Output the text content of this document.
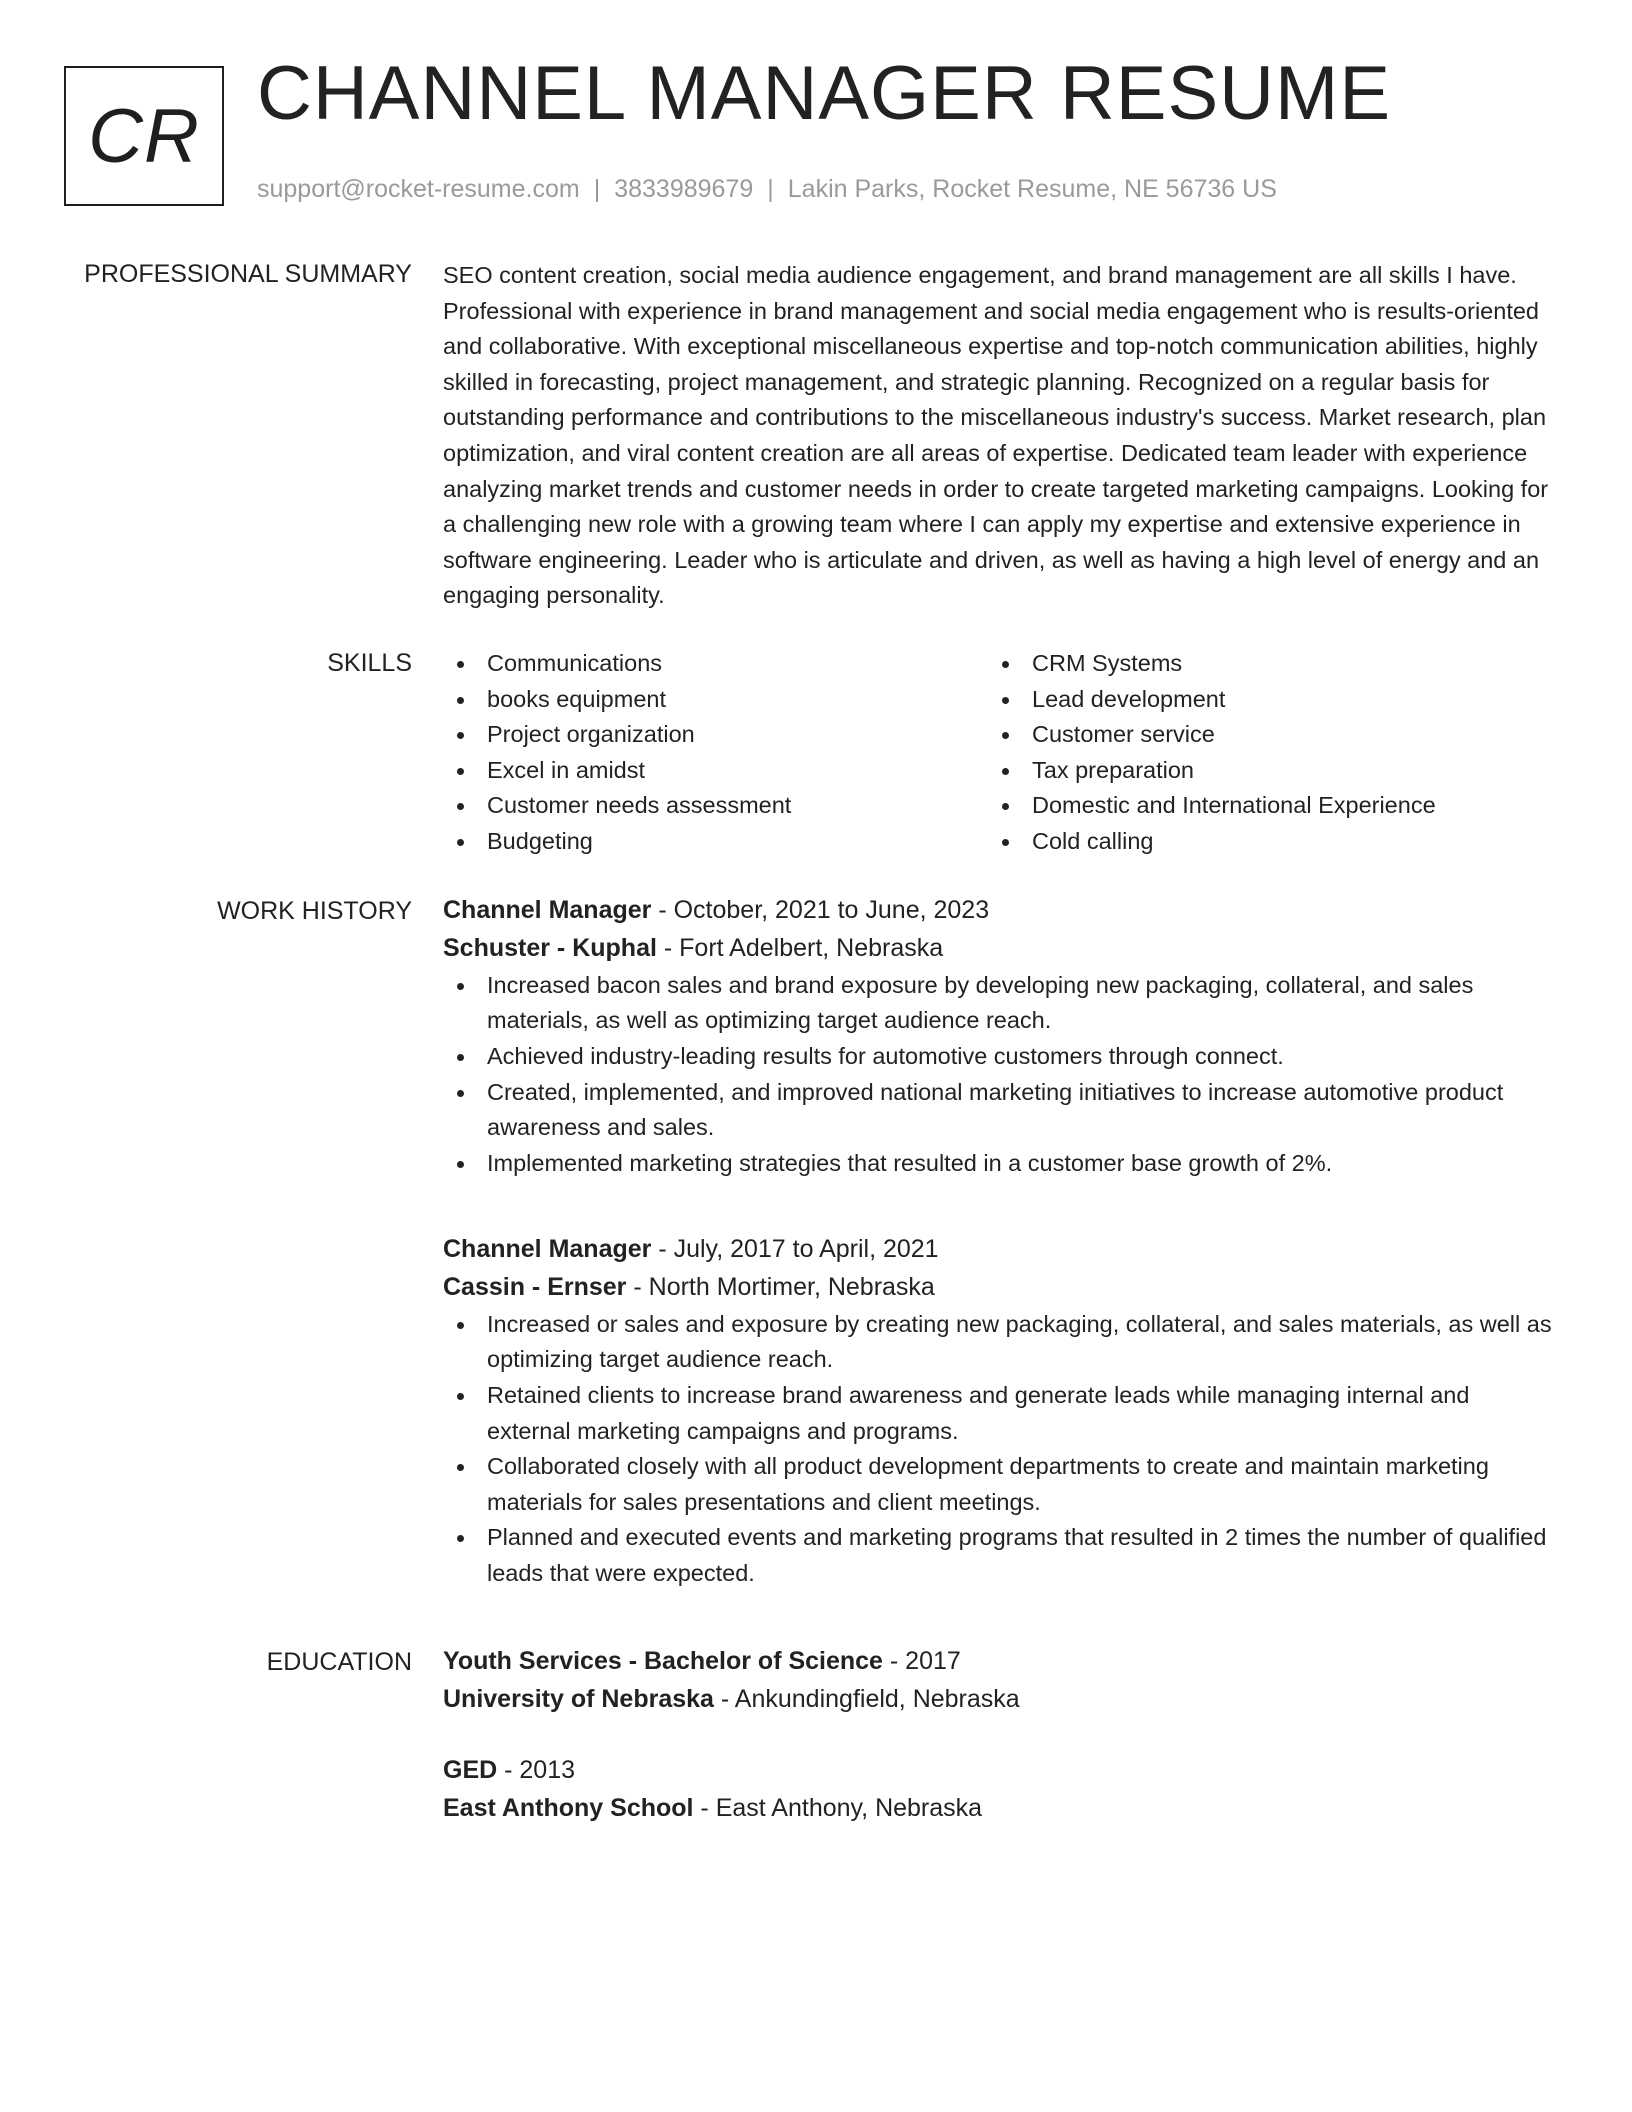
CR CHANNEL MANAGER RESUME
support@rocket-resume.com | 3833989679 | Lakin Parks, Rocket Resume, NE 56736 US
PROFESSIONAL SUMMARY SEO content creation, social media audience engagement, and brand management are all skills I have. Professional with experience in brand management and social media engagement who is results-oriented and collaborative. With exceptional miscellaneous expertise and top-notch communication abilities, highly skilled in forecasting, project management, and strategic planning. Recognized on a regular basis for outstanding performance and contributions to the miscellaneous industry's success. Market research, plan optimization, and viral content creation are all areas of expertise. Dedicated team leader with experience analyzing market trends and customer needs in order to create targeted marketing campaigns. Looking for a challenging new role with a growing team where I can apply my expertise and extensive experience in software engineering. Leader who is articulate and driven, as well as having a high level of energy and an engaging personality.

SKILLS	Communications
books equipment
Project organization
Excel in amidst
Customer needs assessment
Budgeting
CRM Systems
Lead development
Customer service
Tax preparation
Domestic and International Experience
Cold calling
WORK HISTORY Channel Manager - October, 2021 to June, 2023
Schuster - Kuphal - Fort Adelbert, Nebraska
Increased bacon sales and brand exposure by developing new packaging, collateral, and sales materials, as well as optimizing target audience reach.
Achieved industry-leading results for automotive customers through connect.
Created, implemented, and improved national marketing initiatives to increase automotive product awareness and sales.
Implemented marketing strategies that resulted in a customer base growth of 2%.
Channel Manager - July, 2017 to April, 2021
Cassin - Ernser - North Mortimer, Nebraska
Increased or sales and exposure by creating new packaging, collateral, and sales materials, as well as optimizing target audience reach.
Retained clients to increase brand awareness and generate leads while managing internal and external marketing campaigns and programs.
Collaborated closely with all product development departments to create and maintain marketing materials for sales presentations and client meetings.
Planned and executed events and marketing programs that resulted in 2 times the number of qualified leads that were expected.
EDUCATION Youth Services - Bachelor of Science - 2017
University of Nebraska - Ankundingfield, Nebraska
GED - 2013
East Anthony School - East Anthony, Nebraska
